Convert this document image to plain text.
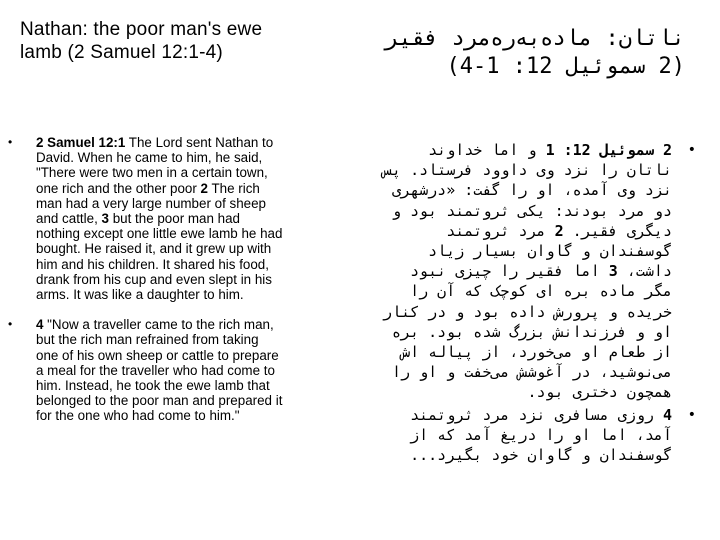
Nathan: the poor man's ewe lamb (2 Samuel 12:1-4)
• 2 Samuel 12:1 The Lord sent Nathan to David. When he came to him, he said, "There were two men in a certain town, one rich and the other poor 2 The rich man had a very large number of sheep and cattle, 3 but the poor man had nothing except one little ewe lamb he had bought. He raised it, and it grew up with him and his children. It shared his food, drank from his cup and even slept in his arms. It was like a daughter to him.
• 4 "Now a traveller came to the rich man, but the rich man refrained from taking one of his own sheep or cattle to prepare a meal for the traveller who had come to him. Instead, he took the ewe lamb that belonged to the poor man and prepared it for the one who had come to him."
ناتان: مادەبەرەمرد فقیر (2 سموئیل 12: 1-4)
•
2 سموئیل 12: 1 و اما خداوند ناتان را نزد وی داوود فرستاد. پس نزد وی آمده، او را گفت: «درشهری دو مرد بودند: یکی ثروتمند بود و دیگری فقیر. 2 مرد ثروتمند گوسفندان و گاوان بسیار زیاد داشت، 3 اما فقیر را چیزی نبود مگر ماده بره ای کوچک که آن را خریده و پرورش داده بود و در کنار او و فرزندانش بزرگ شده بود. بره از طعام او می‌خورد، از پیاله اش می‌نوشید، در آغوشش می‌خفت و او را همچون دختری بود.
•
4 روزی مسافری نزد مرد ثروتمند آمد، اما او را دریغ آمد که از گوسفندان و گاوان خود بگیرد...
